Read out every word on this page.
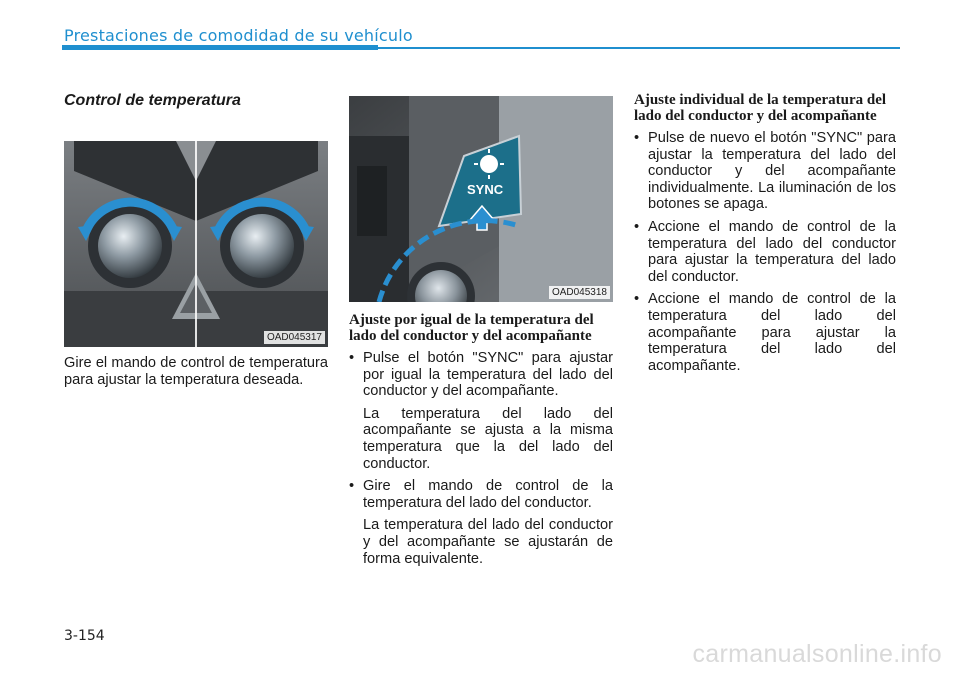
Prestaciones de comodidad de su vehículo
Control de temperatura
OAD045317

Gire el mando de control de temperatura para ajustar la temperatura deseada.

SYNC
OAD045318
Ajuste por igual de la temperatura del lado del conductor y del acompañante
• Pulse el botón "SYNC" para ajustar por igual la temperatura del lado del conductor y del acompañante.

La temperatura del lado del acompañante se ajusta a la misma temperatura que la del lado del conductor.

• Gire el mando de control de la temperatura del lado del conductor.

La temperatura del lado del conductor y del acompañante se ajustarán de forma equivalente.

Ajuste individual de la temperatura del lado del conductor y del acompañante
• Pulse de nuevo el botón "SYNC" para ajustar la temperatura del lado del conductor y del acompañante individualmente. La iluminación de los botones se apaga.
• Accione el mando de control de la temperatura del lado del conductor para ajustar la temperatura del lado del conductor.
• Accione el mando de control de la temperatura del lado del acompañante para ajustar la temperatura del lado del acompañante.
3-154
carmanualsonline.info
